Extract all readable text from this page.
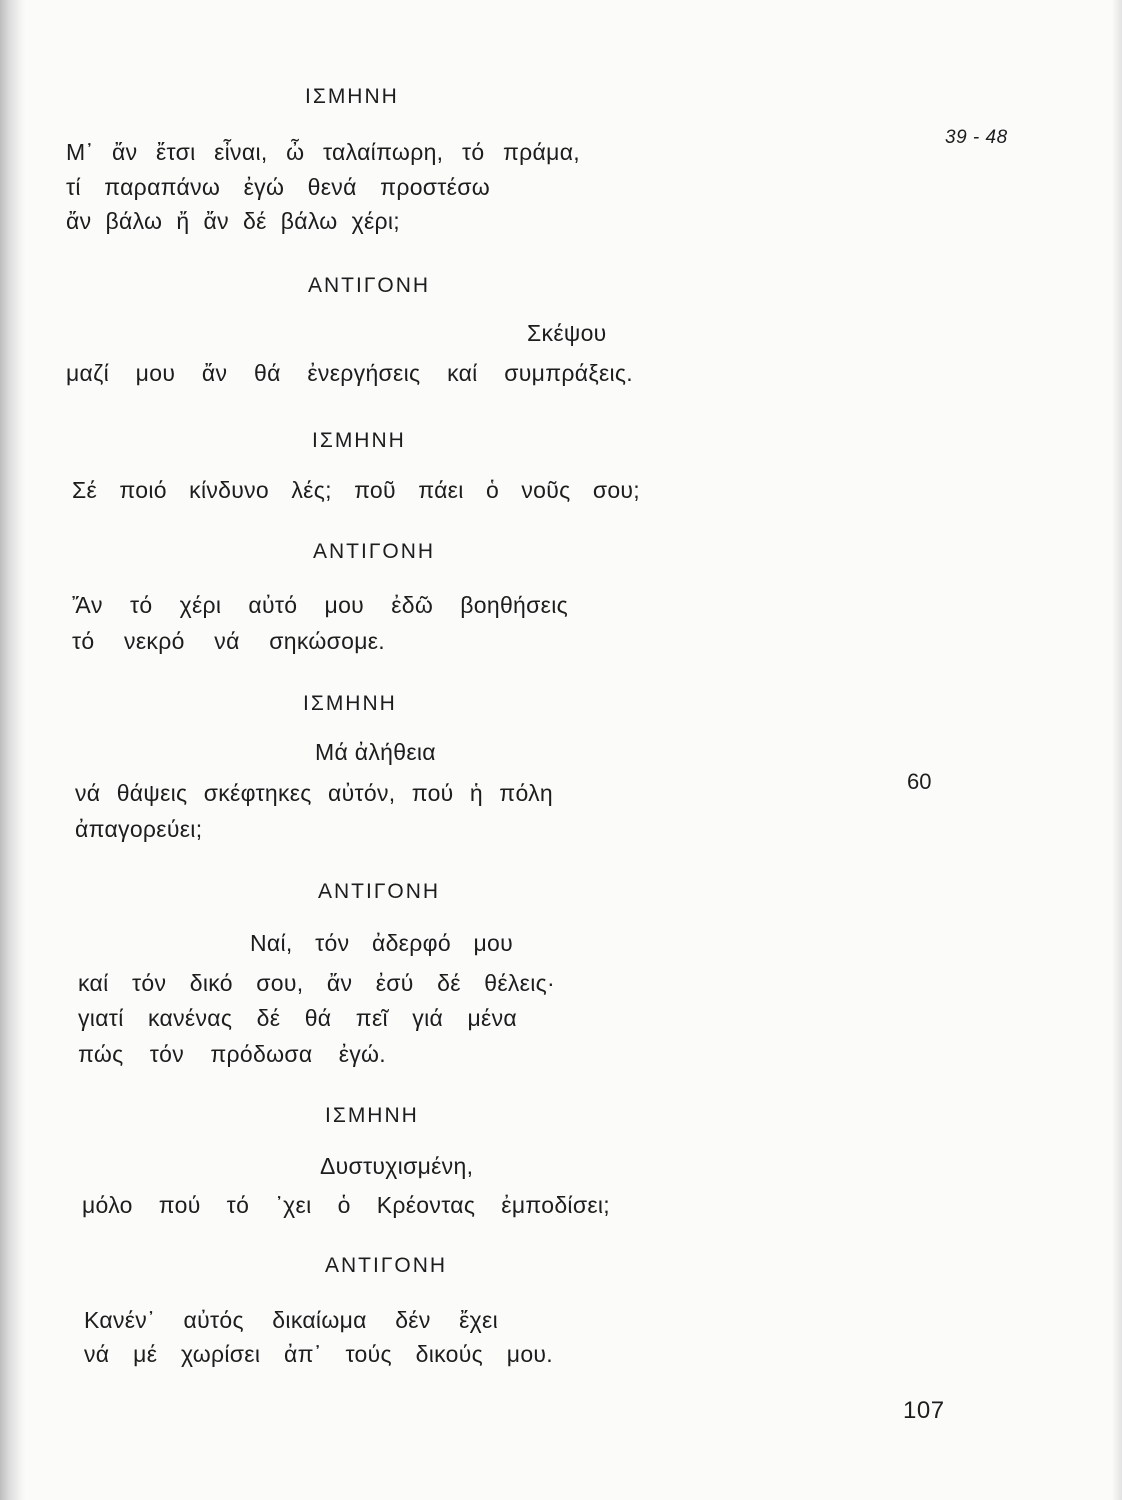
39 - 48
ΙΣΜΗΝΗ
Μ᾽ ἄν ἔτσι εἶναι, ὦ ταλαίπωρη, τό πράμα,
τί παραπάνω ἐγώ θενά προστέσω
ἄν βάλω ἤ ἄν δέ βάλω χέρι;
ΑΝΤΙΓΟΝΗ
Σκέψου
μαζί μου ἄν θά ἐνεργήσεις καί συμπράξεις.
ΙΣΜΗΝΗ
Σέ ποιό κίνδυνο λές; ποῦ πάει ὁ νοῦς σου;
ΑΝΤΙΓΟΝΗ
Ἄν τό χέρι αὐτό μου ἐδῶ βοηθήσεις
τό νεκρό νά σηκώσομε.
ΙΣΜΗΝΗ
Μά ἀλήθεια
νά θάψεις σκέφτηκες αὐτόν, πού ἡ πόλη	60
ἀπαγορεύει;
ΑΝΤΙΓΟΝΗ
Ναί, τόν ἀδερφό μου
καί τόν δικό σου, ἄν ἐσύ δέ θέλεις·
γιατί κανένας δέ θά πεῖ γιά μένα
πώς τόν πρόδωσα ἐγώ.
ΙΣΜΗΝΗ
Δυστυχισμένη,
μόλο πού τό ᾽χει ὁ Κρέοντας ἐμποδίσει;
ΑΝΤΙΓΟΝΗ
Κανέν᾽ αὐτός δικαίωμα δέν ἔχει
νά μέ χωρίσει ἀπ᾽ τούς δικούς μου.
107
